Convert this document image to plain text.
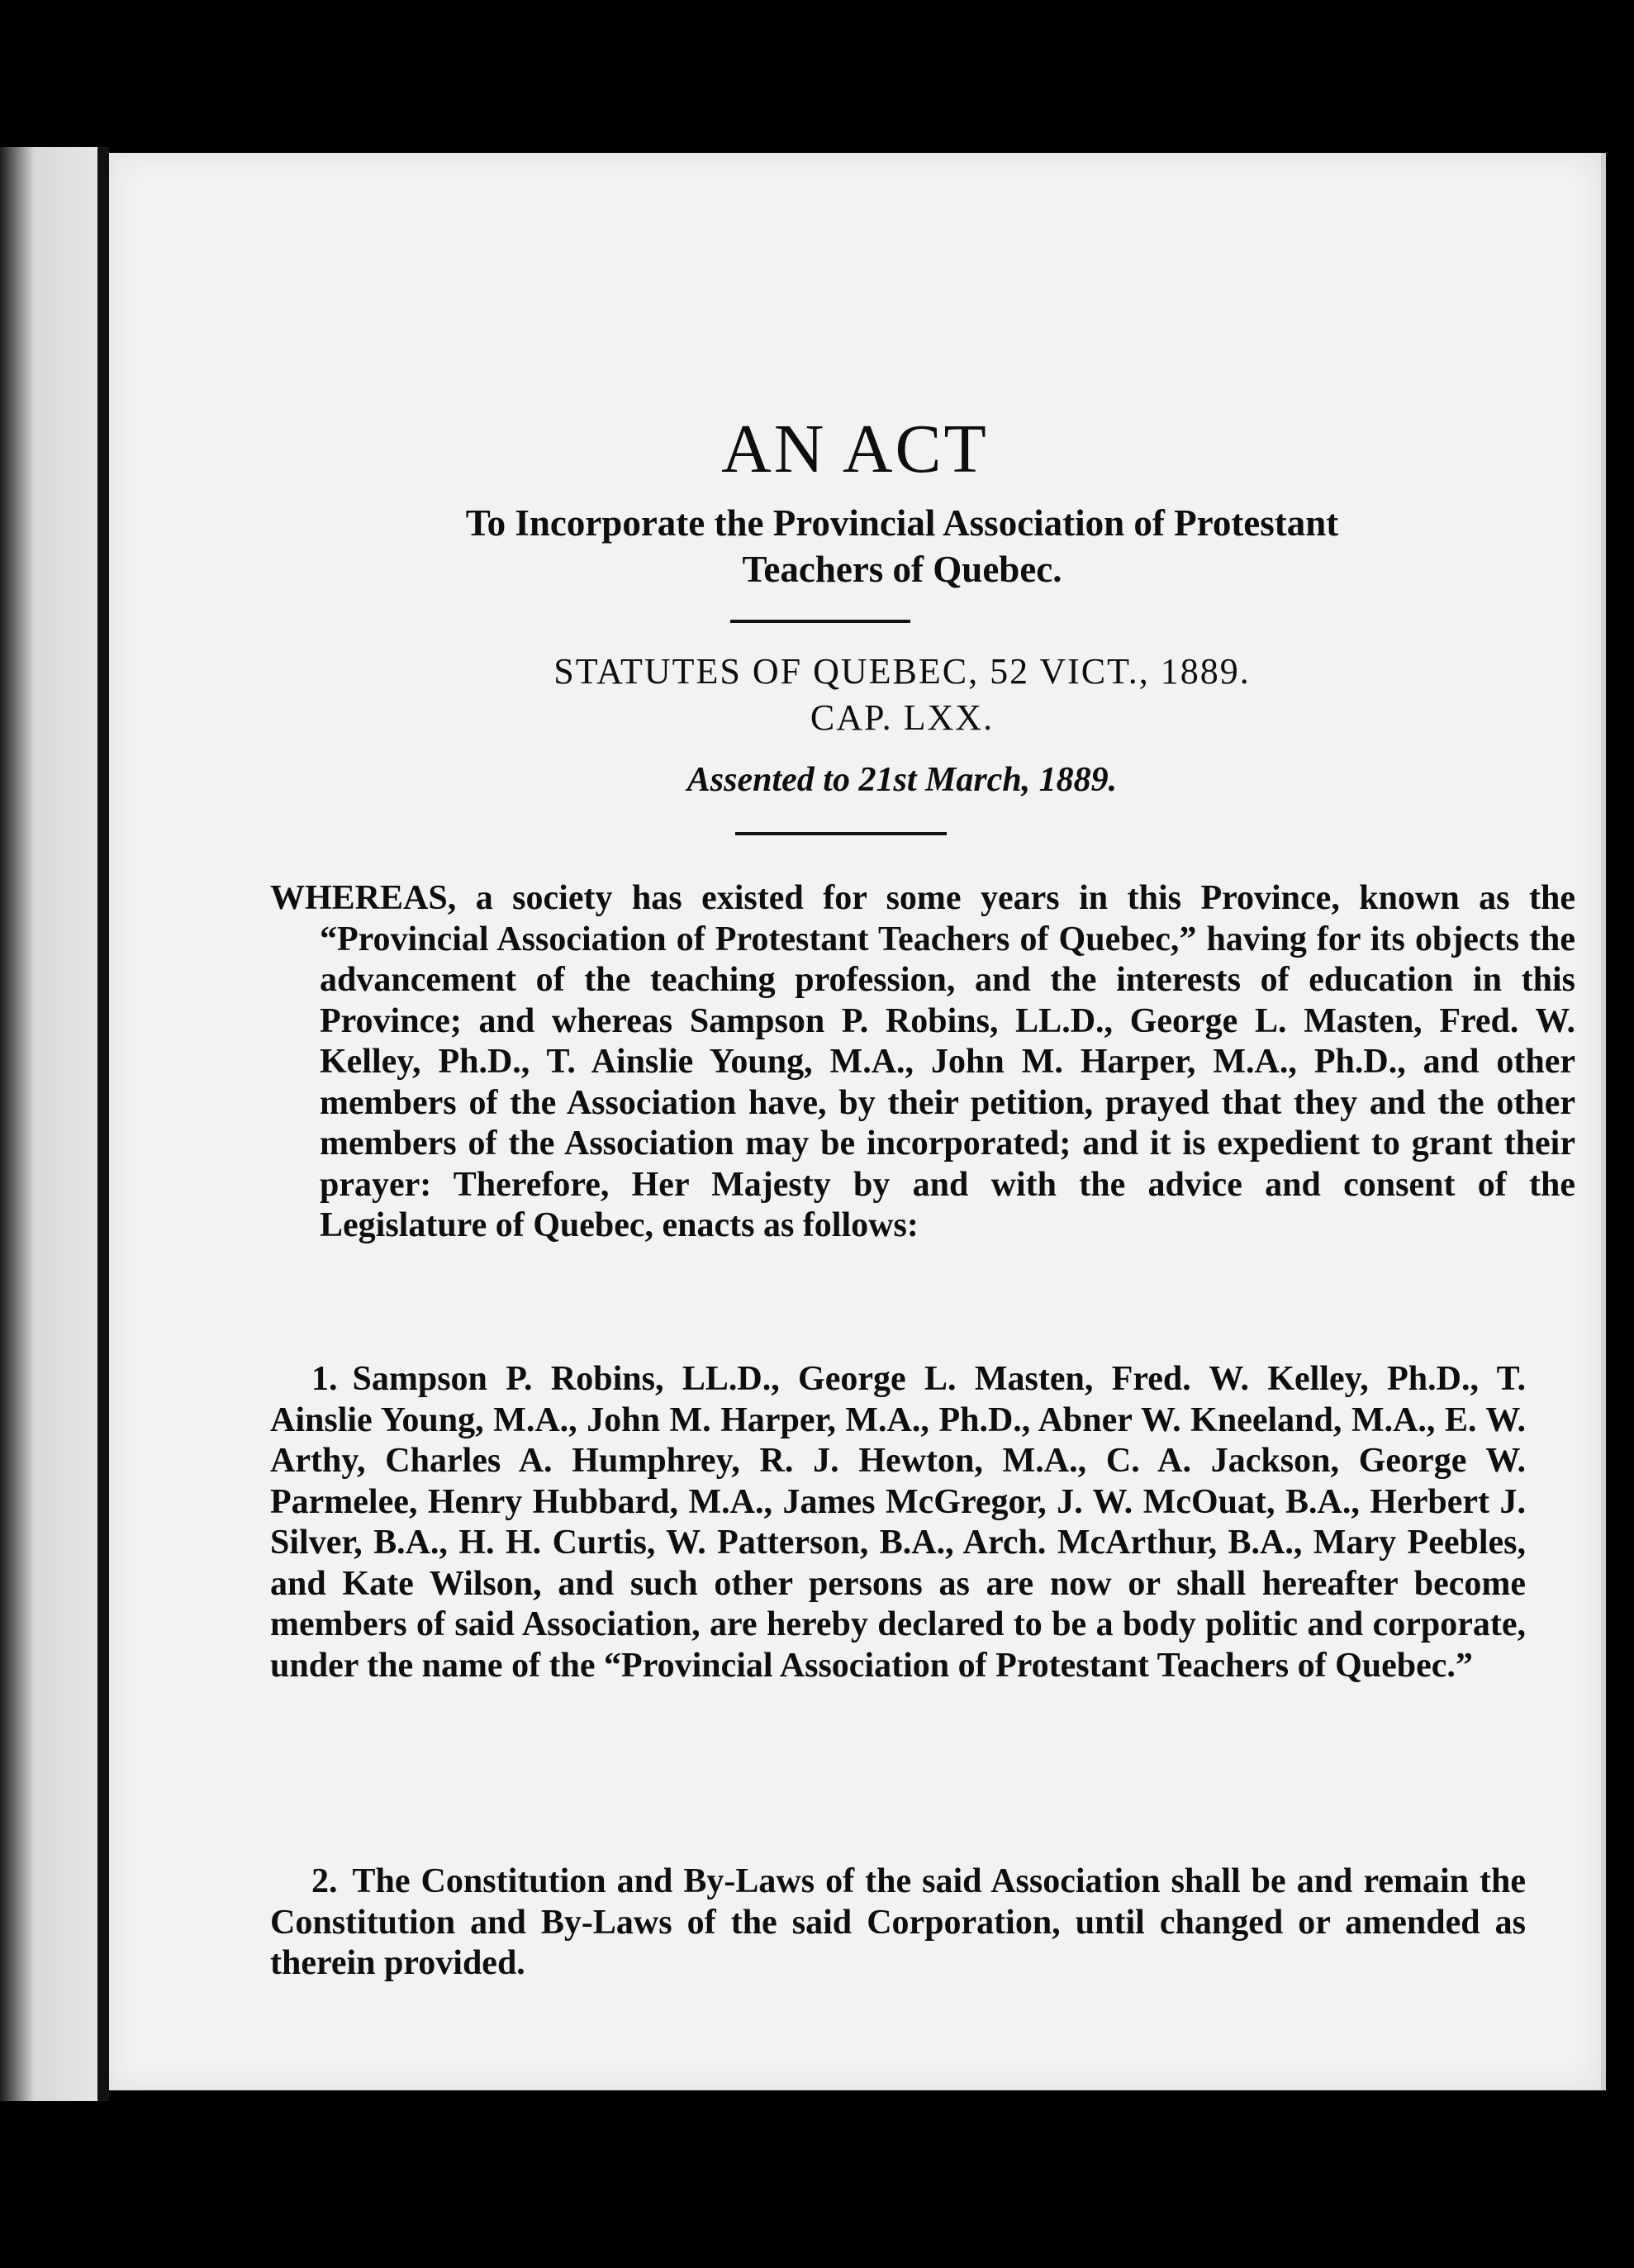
AN ACT
To Incorporate the Provincial Association of Protestant Teachers of Quebec.
STATUTES OF QUEBEC, 52 VICT., 1889.
CAP. LXX.
Assented to 21st March, 1889.
WHEREAS, a society has existed for some years in this Province, known as the “Provincial Association of Protestant Teachers of Quebec,” having for its objects the advancement of the teaching profession, and the interests of education in this Province; and whereas Sampson P. Robins, LL.D., George L. Masten, Fred. W. Kelley, Ph.D., T. Ainslie Young, M.A., John M. Harper, M.A., Ph.D., and other members of the Association have, by their petition, prayed that they and the other members of the Association may be incorporated; and it is expedient to grant their prayer: Therefore, Her Majesty by and with the advice and consent of the Legislature of Quebec, enacts as follows:
1. Sampson P. Robins, LL.D., George L. Masten, Fred. W. Kelley, Ph.D., T. Ainslie Young, M.A., John M. Harper, M.A., Ph.D., Abner W. Kneeland, M.A., E. W. Arthy, Charles A. Humphrey, R. J. Hewton, M.A., C. A. Jackson, George W. Parmelee, Henry Hubbard, M.A., James McGregor, J. W. McOuat, B.A., Herbert J. Silver, B.A., H. H. Curtis, W. Patterson, B.A., Arch. McArthur, B.A., Mary Peebles, and Kate Wilson, and such other persons as are now or shall hereafter become members of said Association, are hereby declared to be a body politic and corporate, under the name of the “Provincial Association of Protestant Teachers of Quebec.”
2. The Constitution and By-Laws of the said Association shall be and remain the Constitution and By-Laws of the said Corporation, until changed or amended as therein provided.
